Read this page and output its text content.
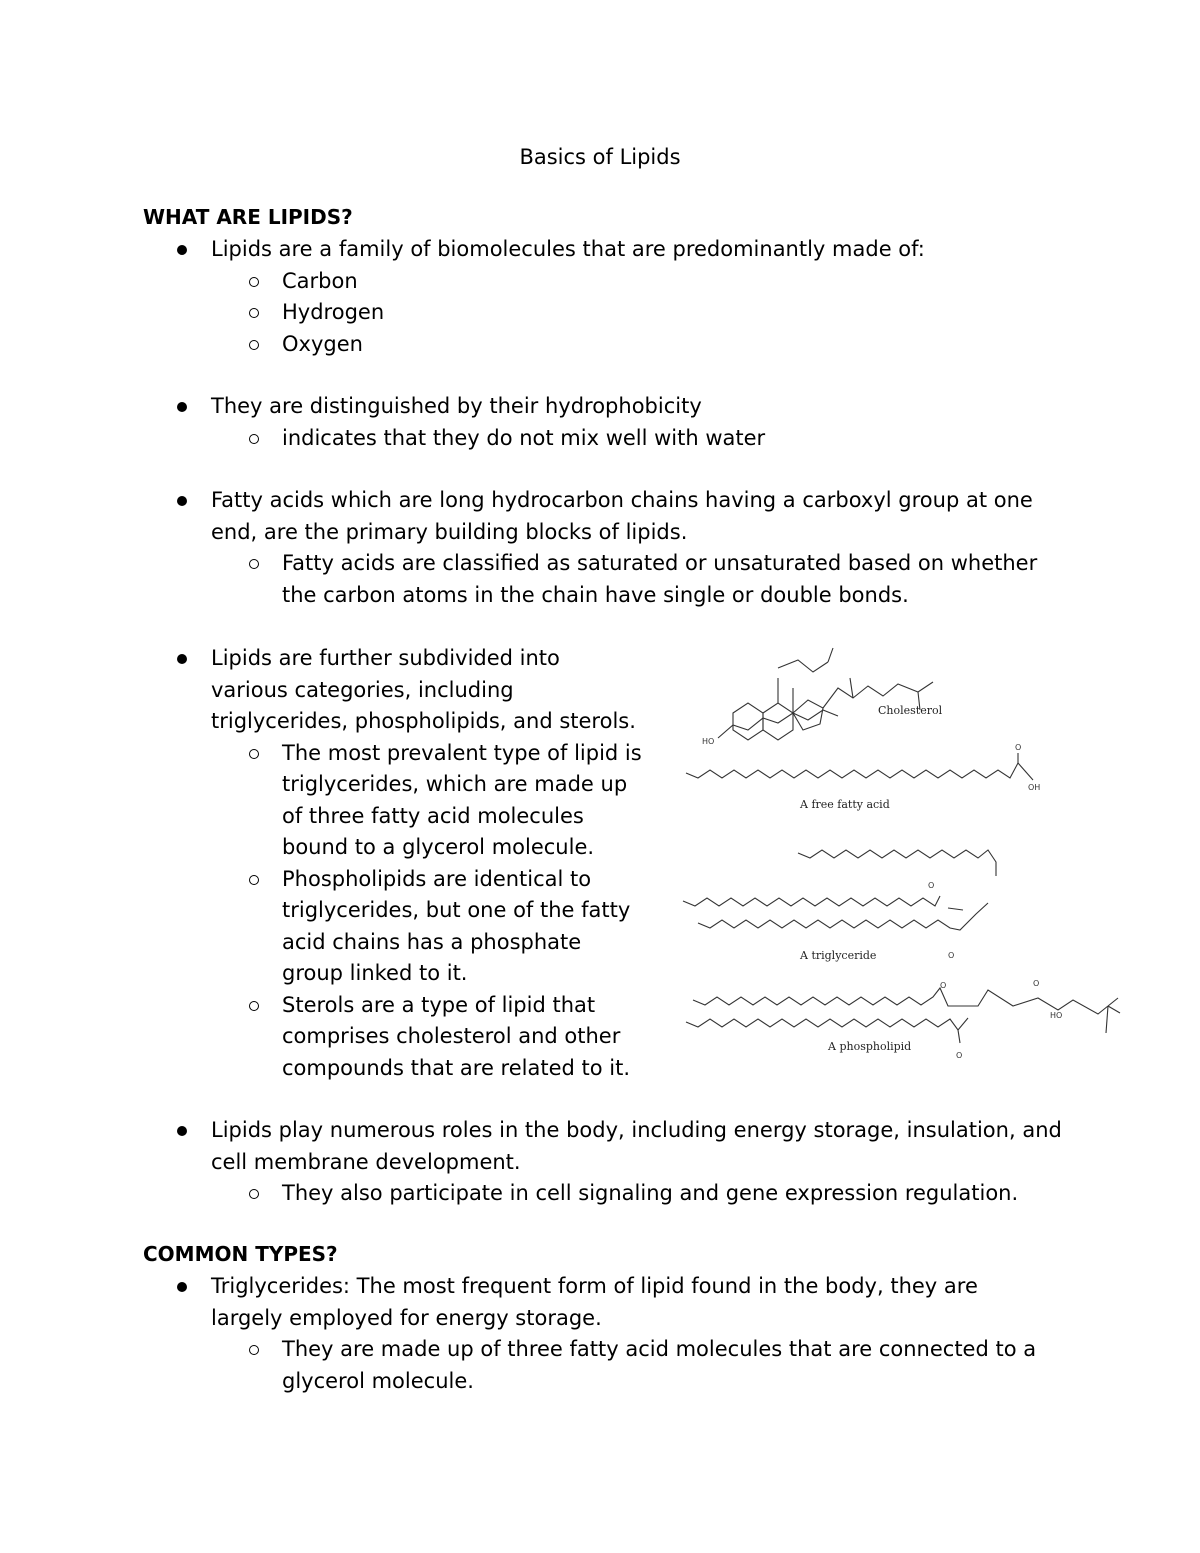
Basics of Lipids
WHAT ARE LIPIDS?
Lipids are a family of biomolecules that are predominantly made of:
Carbon
Hydrogen
Oxygen
They are distinguished by their hydrophobicity
indicates that they do not mix well with water
Fatty acids which are long hydrocarbon chains having a carboxyl group at one end, are the primary building blocks of lipids.
Fatty acids are classified as saturated or unsaturated based on whether the carbon atoms in the chain have single or double bonds.
Lipids are further subdivided into various categories, including triglycerides, phospholipids, and sterols.
The most prevalent type of lipid is triglycerides, which are made up of three fatty acid molecules bound to a glycerol molecule.
Phospholipids are identical to triglycerides, but one of the fatty acid chains has a phosphate group linked to it.
Sterols are a type of lipid that comprises cholesterol and other compounds that are related to it.
HO
OH
O
O
O
O	O
HO
O
Cholesterol
A free fatty acid
A triglyceride
A phospholipid
Lipids play numerous roles in the body, including energy storage, insulation, and cell membrane development.
They also participate in cell signaling and gene expression regulation.
COMMON TYPES?
Triglycerides: The most frequent form of lipid found in the body, they are largely employed for energy storage.
They are made up of three fatty acid molecules that are connected to a glycerol molecule.
